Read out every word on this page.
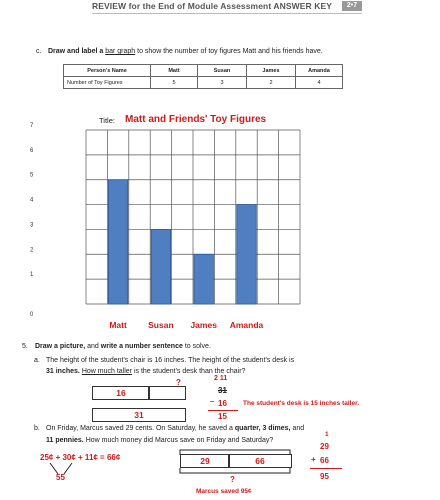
REVIEW for the End of Module Assessment ANSWER KEY	2•7
c. Draw and label a bar graph to show the number of toy figures Matt and his friends have.
Person's Name	Matt	Susan	James	Amanda
Number of Toy Figures	5	3	2	4
Title: Matt and Friends' Toy Figures
0
1
2
3
4
5
6
7
Matt	Susan James Amanda
5. Draw a picture, and write a number sentence to solve.
a. The height of the student's chair is 16 inches. The height of the student's desk is
31 inches. How much taller is the student's desk than the chair?
16
?
31
2 11
31
– 16
15
The student's desk is 15 inches taller.
b. On Friday, Marcus saved 29 cents. On Saturday, he saved a quarter, 3 dimes, and
11 pennies. How much money did Marcus save on Friday and Saturday?
25¢ + 30¢ + 11¢ = 66¢
55
29	66
?
1
29
+ 66
95
Marcus saved 95¢
